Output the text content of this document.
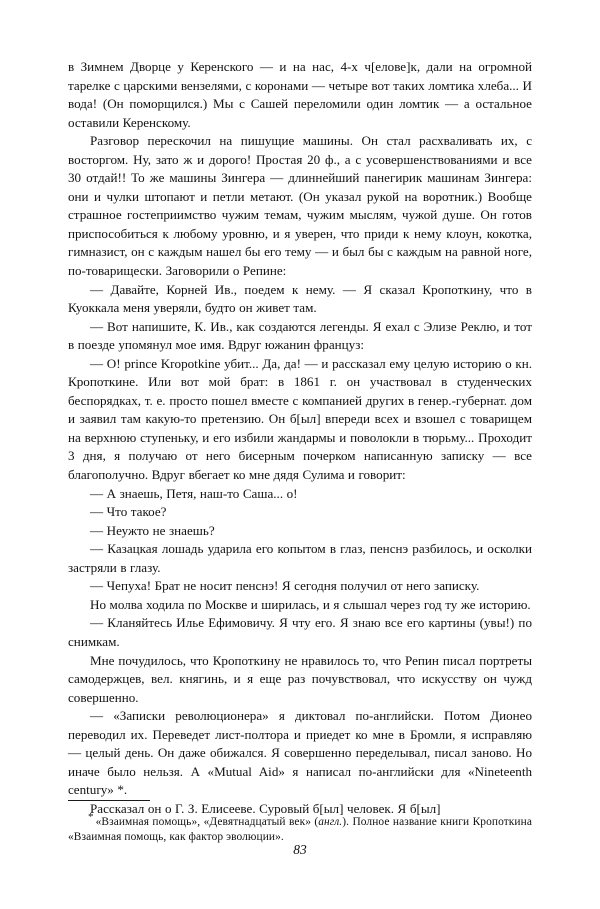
в Зимнем Дворце у Керенского — и на нас, 4-х ч[елове]к, дали на огромной тарелке с царскими вензелями, с коронами — четыре вот таких ломтика хлеба... И вода! (Он поморщился.) Мы с Сашей переломили один ломтик — а остальное оставили Керенскому.

Разговор перескочил на пишущие машины. Он стал расхваливать их, с восторгом. Ну, зато ж и дорого! Простая 20 ф., а с усовершенствованиями и все 30 отдай!! То же машины Зингера — длиннейший панегирик машинам Зингера: они и чулки штопают и петли метают. (Он указал рукой на воротник.) Вообще страшное гостеприимство чужим темам, чужим мыслям, чужой душе. Он готов приспособиться к любому уровню, и я уверен, что приди к нему клоун, кокотка, гимназист, он с каждым нашел бы его тему — и был бы с каждым на равной ноге, по-товарищески. Заговорили о Репине:

— Давайте, Корней Ив., поедем к нему. — Я сказал Кропоткину, что в Куоккала меня уверяли, будто он живет там.

— Вот напишите, К. Ив., как создаются легенды. Я ехал с Элизе Реклю, и тот в поезде упомянул мое имя. Вдруг южанин француз:

— О! prince Kropotkine убит... Да, да! — и рассказал ему целую историю о кн. Кропоткине. Или вот мой брат: в 1861 г. он участвовал в студенческих беспорядках, т. е. просто пошел вместе с компанией других в генер.-губернат. дом и заявил там какую-то претензию. Он б[ыл] впереди всех и взошел с товарищем на верхнюю ступеньку, и его избили жандармы и поволокли в тюрьму... Проходит 3 дня, я получаю от него бисерным почерком написанную записку — все благополучно. Вдруг вбегает ко мне дядя Сулима и говорит:

— А знаешь, Петя, наш-то Саша... о!

— Что такое?

— Неужто не знаешь?

— Казацкая лошадь ударила его копытом в глаз, пенснэ разбилось, и осколки застряли в глазу.

— Чепуха! Брат не носит пенснэ! Я сегодня получил от него записку.

Но молва ходила по Москве и ширилась, и я слышал через год ту же историю.

— Кланяйтесь Илье Ефимовичу. Я чту его. Я знаю все его картины (увы!) по снимкам.

Мне почудилось, что Кропоткину не нравилось то, что Репин писал портреты самодержцев, вел. княгинь, и я еще раз почувствовал, что искусству он чужд совершенно.

— «Записки революционера» я диктовал по-английски. Потом Дионео переводил их. Переведет лист-полтора и приедет ко мне в Бромли, я исправляю — целый день. Он даже обижался. Я совершенно переделывал, писал заново. Но иначе было нельзя. А «Mutual Aid» я написал по-английски для «Nineteenth century» *.

Рассказал он о Г. З. Елисееве. Суровый б[ыл] человек. Я б[ыл]

* «Взаимная помощь», «Девятнадцатый век» (англ.). Полное название книги Кропоткина «Взаимная помощь, как фактор эволюции».

83
